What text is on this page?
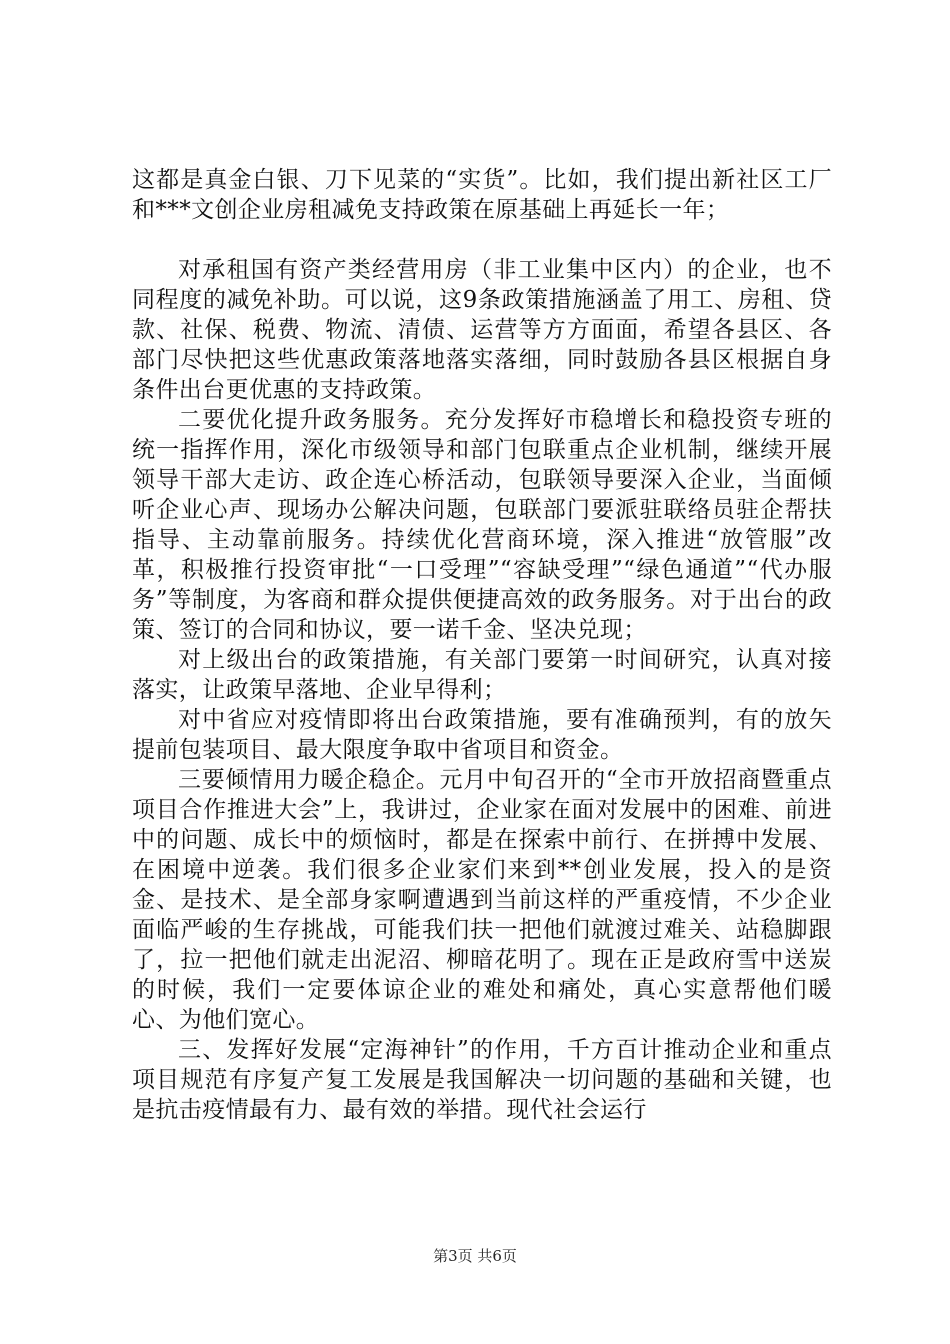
这都是真金白银、刀下见菜的“实货”。比如，我们提出新社区工厂和***文创企业房租减免支持政策在原基础上再延长一年；

对承租国有资产类经营用房（非工业集中区内）的企业，也不同程度的减免补助。可以说，这9条政策措施涵盖了用工、房租、贷款、社保、税费、物流、清债、运营等方方面面，希望各县区、各部门尽快把这些优惠政策落地落实落细，同时鼓励各县区根据自身条件出台更优惠的支持政策。

二要优化提升政务服务。充分发挥好市稳增长和稳投资专班的统一指挥作用，深化市级领导和部门包联重点企业机制，继续开展领导干部大走访、政企连心桥活动，包联领导要深入企业，当面倾听企业心声、现场办公解决问题，包联部门要派驻联络员驻企帮扶指导、主动靠前服务。持续优化营商环境，深入推进“放管服”改革，积极推行投资审批“一口受理”“容缺受理”“绿色通道”“代办服务”等制度，为客商和群众提供便捷高效的政务服务。对于出台的政策、签订的合同和协议，要一诺千金、坚决兑现；

对上级出台的政策措施，有关部门要第一时间研究，认真对接落实，让政策早落地、企业早得利；

对中省应对疫情即将出台政策措施，要有准确预判，有的放矢提前包装项目、最大限度争取中省项目和资金。

三要倾情用力暖企稳企。元月中旬召开的“全市开放招商暨重点项目合作推进大会”上，我讲过，企业家在面对发展中的困难、前进中的问题、成长中的烦恼时，都是在探索中前行、在拼搏中发展、在困境中逆袭。我们很多企业家们来到**创业发展，投入的是资金、是技术、是全部身家啊遭遇到当前这样的严重疫情，不少企业面临严峻的生存挑战，可能我们扶一把他们就渡过难关、站稳脚跟了，拉一把他们就走出泥沼、柳暗花明了。现在正是政府雪中送炭的时候，我们一定要体谅企业的难处和痛处，真心实意帮他们暖心、为他们宽心。

三、发挥好发展“定海神针”的作用，千方百计推动企业和重点项目规范有序复产复工发展是我国解决一切问题的基础和关键，也是抗击疫情最有力、最有效的举措。现代社会运行

第3页 共6页
